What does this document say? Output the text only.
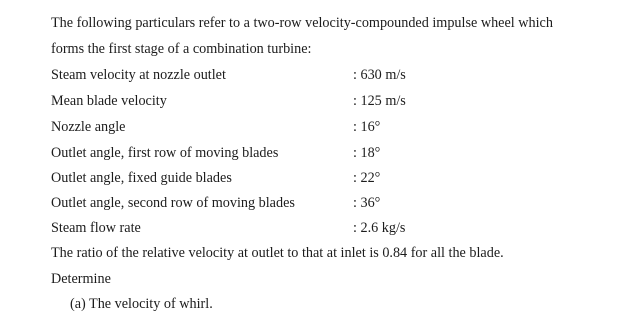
The following particulars refer to a two-row velocity-compounded impulse wheel which
forms the first stage of a combination turbine:
Steam velocity at nozzle outlet	: 630 m/s
Mean blade velocity	: 125 m/s
Nozzle angle	: 16°
Outlet angle, first row of moving blades	: 18°
Outlet angle, fixed guide blades	: 22°
Outlet angle, second row of moving blades	: 36°
Steam flow rate	: 2.6 kg/s
The ratio of the relative velocity at outlet to that at inlet is 0.84 for all the blade.
Determine
(a) The velocity of whirl.
